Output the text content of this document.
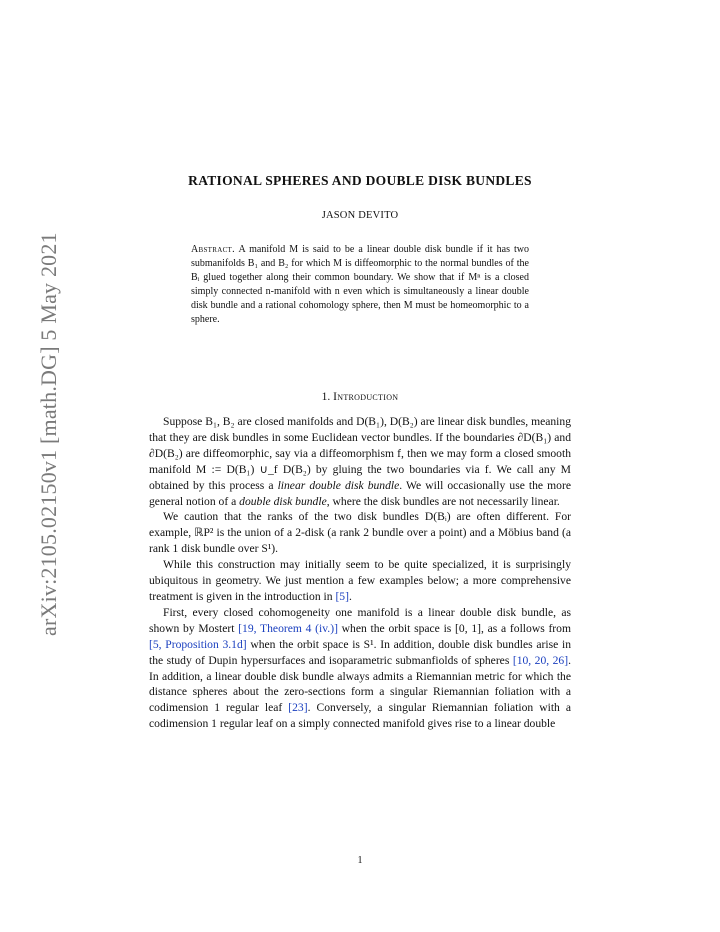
arXiv:2105.02150v1 [math.DG] 5 May 2021
RATIONAL SPHERES AND DOUBLE DISK BUNDLES
JASON DEVITO
Abstract. A manifold M is said to be a linear double disk bundle if it has two submanifolds B₁ and B₂ for which M is diffeomorphic to the normal bundles of the Bᵢ glued together along their common boundary. We show that if Mⁿ is a closed simply connected n-manifold with n even which is simultaneously a linear double disk bundle and a rational cohomology sphere, then M must be homeomorphic to a sphere.
1. Introduction

Suppose B₁, B₂ are closed manifolds and D(B₁), D(B₂) are linear disk bundles, meaning that they are disk bundles in some Euclidean vector bundles. If the boundaries ∂D(B₁) and ∂D(B₂) are diffeomorphic, say via a diffeomorphism f, then we may form a closed smooth manifold M := D(B₁) ∪_f D(B₂) by gluing the two boundaries via f. We call any M obtained by this process a linear double disk bundle. We will occasionally use the more general notion of a double disk bundle, where the disk bundles are not necessarily linear.

We caution that the ranks of the two disk bundles D(Bᵢ) are often different. For example, ℝP² is the union of a 2-disk (a rank 2 bundle over a point) and a Möbius band (a rank 1 disk bundle over S¹).

While this construction may initially seem to be quite specialized, it is surprisingly ubiquitous in geometry. We just mention a few examples below; a more comprehensive treatment is given in the introduction in [5].

First, every closed cohomogeneity one manifold is a linear double disk bundle, as shown by Mostert [19, Theorem 4 (iv.)] when the orbit space is [0, 1], as a follows from [5, Proposition 3.1d] when the orbit space is S¹. In addition, double disk bundles arise in the study of Dupin hypersurfaces and isoparametric submanfiolds of spheres [10, 20, 26]. In addition, a linear double disk bundle always admits a Riemannian metric for which the distance spheres about the zero-sections form a singular Riemannian foliation with a codimension 1 regular leaf [23]. Conversely, a singular Riemannian foliation with a codimension 1 regular leaf on a simply connected manifold gives rise to a linear double

1
